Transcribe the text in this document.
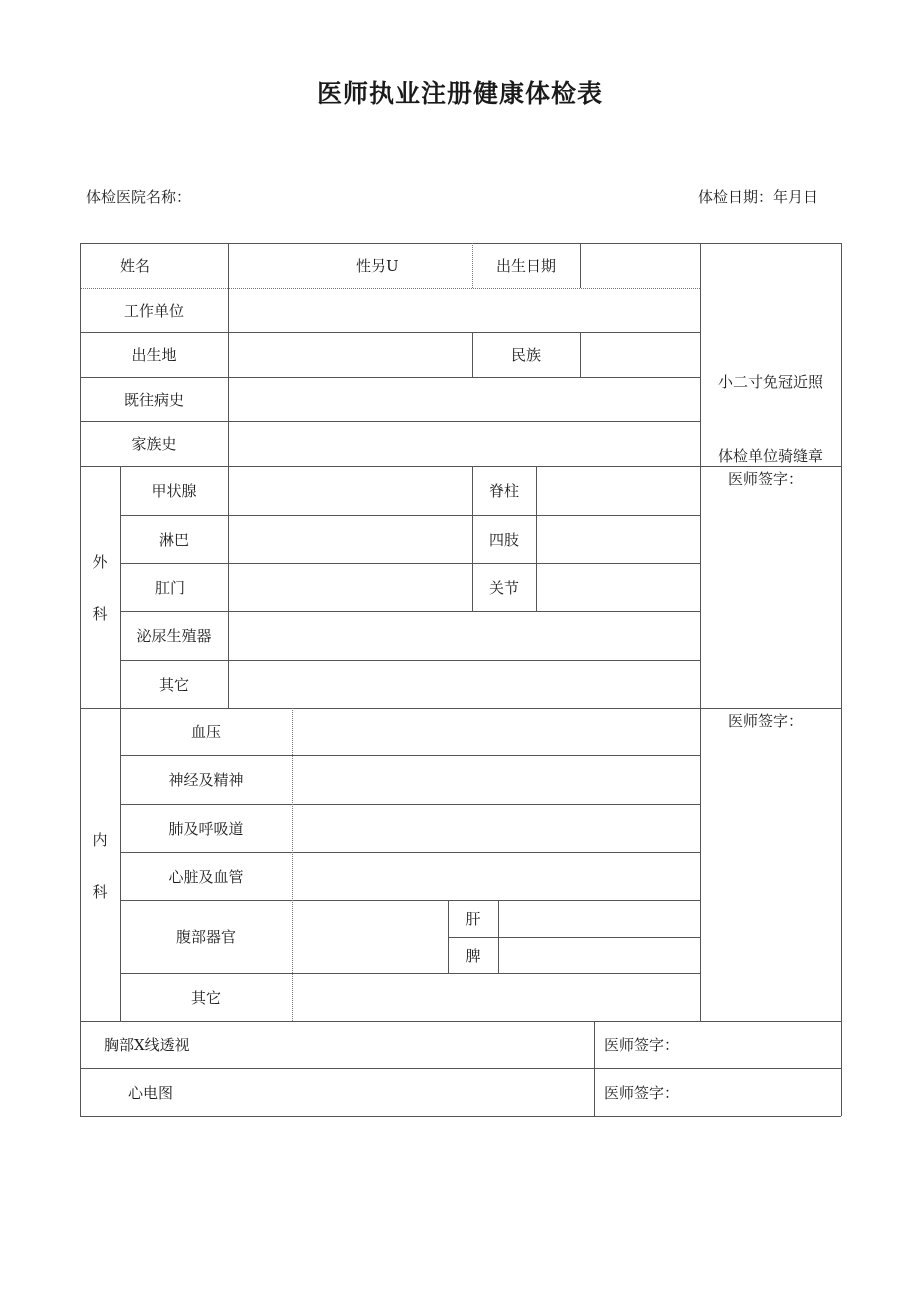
医师执业注册健康体检表
体检医院名称：	体检日期：年月日
姓名	性另U	出生日期
工作单位
出生地	民族
既往病史
家族史
小二寸免冠近照
体检单位骑缝章
外
科
甲状腺	脊柱
淋巴	四肢
肛门	关节
泌尿生殖器
其它
医师签字：
内
科
血压
神经及精神
肺及呼吸道
心脏及血管
腹部器官
肝
脾
其它
医师签字：
胸部X线透视	医师签字：
心电图	医师签字：
